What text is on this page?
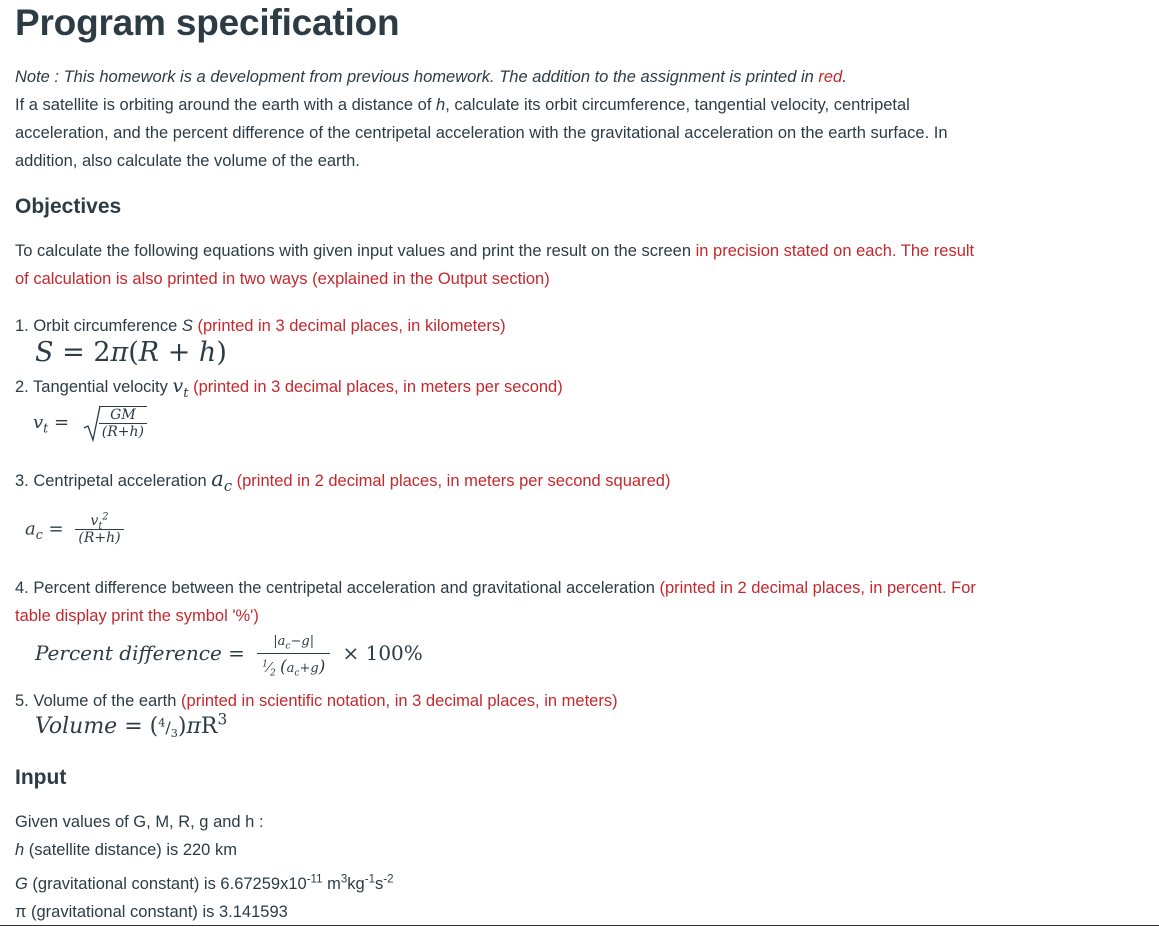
Program specification
Note : This homework is a development from previous homework. The addition to the assignment is printed in red.
If a satellite is orbiting around the earth with a distance of h, calculate its orbit circumference, tangential velocity, centripetal
acceleration, and the percent difference of the centripetal acceleration with the gravitational acceleration on the earth surface. In
addition, also calculate the volume of the earth.
Objectives
To calculate the following equations with given input values and print the result on the screen in precision stated on each. The result
of calculation is also printed in two ways (explained in the Output section)
1. Orbit circumference S (printed in 3 decimal places, in kilometers)
S = 2π(R + h)
2. Tangential velocity $v_t$ (printed in 3 decimal places, in meters per second)
$v_t = \frac{GM}{(R+h)}$
3. Centripetal acceleration $a_c$ (printed in 2 decimal places, in meters per second squared)
$a_c = \frac{v_t^2}{(R+h)}$
4. Percent difference between the centripetal acceleration and gravitational acceleration (printed in 2 decimal places, in percent. For
table display print the symbol '%')
Percent difference = $\frac{|a_c-g|}{^1⁄_2 (a_c+g)} \times 100\%$
5. Volume of the earth (printed in scientific notation, in 3 decimal places, in meters)
Volume = $(^4/_3)\pi R^3$
Input
Given values of G, M, R, g and h :
h (satellite distance) is 220 km
G (gravitational constant) is $6.67259x10^{-11}$ $m^3kg^{-1}s^{-2}$
π (gravitational constant) is 3.141593
